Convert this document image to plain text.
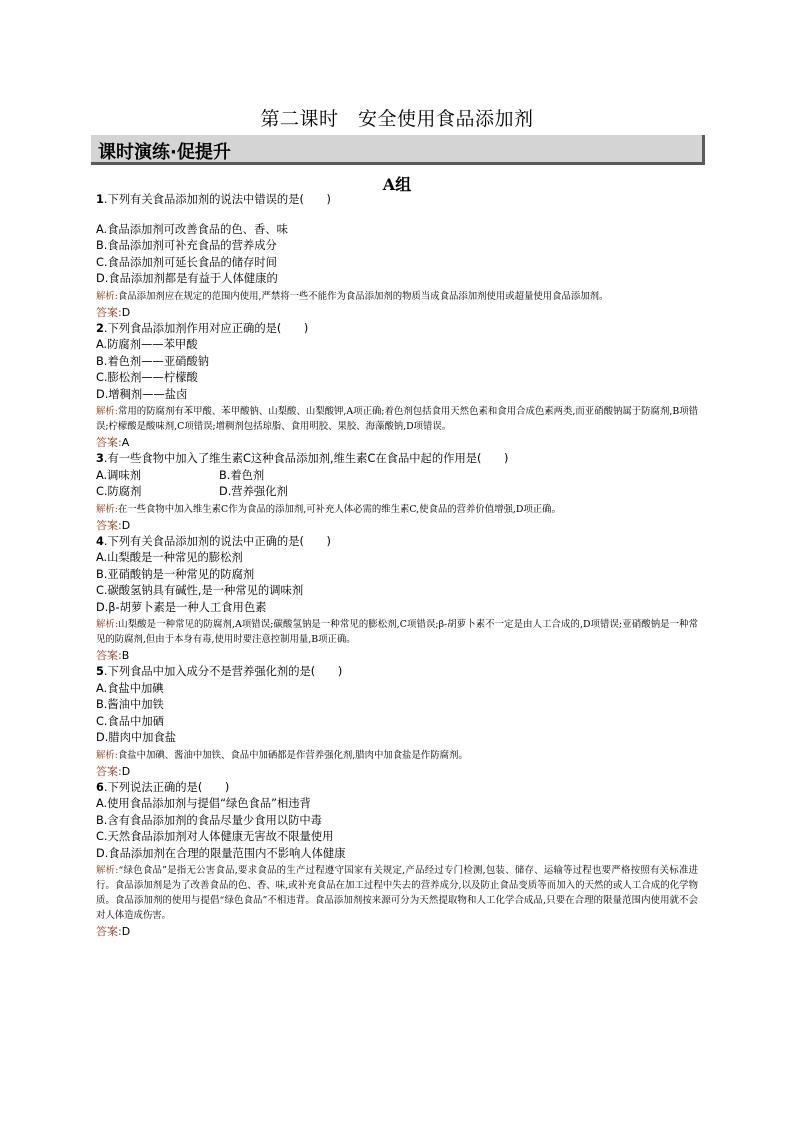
第二课时　安全使用食品添加剂
课时演练·促提升
A组
1.下列有关食品添加剂的说法中错误的是(　　)
A.食品添加剂可改善食品的色、香、味
B.食品添加剂可补充食品的营养成分
C.食品添加剂可延长食品的储存时间
D.食品添加剂都是有益于人体健康的
解析:食品添加剂应在规定的范围内使用,严禁将一些不能作为食品添加剂的物质当成食品添加剂使用或超量使用食品添加剂。
答案:D
2.下列食品添加剂作用对应正确的是(　　)
A.防腐剂——苯甲酸
B.着色剂——亚硝酸钠
C.膨松剂——柠檬酸
D.增稠剂——盐卤
解析:常用的防腐剂有苯甲酸、苯甲酸钠、山梨酸、山梨酸钾,A项正确;着色剂包括食用天然色素和食用合成色素两类,而亚硝酸钠属于防腐剂,B项错误;柠檬酸是酸味剂,C项错误;增稠剂包括琼脂、食用明胶、果胶、海藻酸钠,D项错误。
答案:A
3.有一些食物中加入了维生素C这种食品添加剂,维生素C在食品中起的作用是(　　)
A.调味剂	B.着色剂
C.防腐剂	D.营养强化剂
解析:在一些食物中加入维生素C作为食品的添加剂,可补充人体必需的维生素C,使食品的营养价值增强,D项正确。
答案:D
4.下列有关食品添加剂的说法中正确的是(　　)
A.山梨酸是一种常见的膨松剂
B.亚硝酸钠是一种常见的防腐剂
C.碳酸氢钠具有碱性,是一种常见的调味剂
D.β-胡萝卜素是一种人工食用色素
解析:山梨酸是一种常见的防腐剂,A项错误;碳酸氢钠是一种常见的膨松剂,C项错误;β-胡萝卜素不一定是由人工合成的,D项错误;亚硝酸钠是一种常见的防腐剂,但由于本身有毒,使用时要注意控制用量,B项正确。
答案:B
5.下列食品中加入成分不是营养强化剂的是(　　)
A.食盐中加碘
B.酱油中加铁
C.食品中加硒
D.腊肉中加食盐
解析:食盐中加碘、酱油中加铁、食品中加硒都是作营养强化剂,腊肉中加食盐是作防腐剂。
答案:D
6.下列说法正确的是(　　)
A.使用食品添加剂与提倡“绿色食品”相违背
B.含有食品添加剂的食品尽量少食用以防中毒
C.天然食品添加剂对人体健康无害故不限量使用
D.食品添加剂在合理的限量范围内不影响人体健康
解析:“绿色食品”是指无公害食品,要求食品的生产过程遵守国家有关规定,产品经过专门检测,包装、储存、运输等过程也要严格按照有关标准进行。食品添加剂是为了改善食品的色、香、味,或补充食品在加工过程中失去的营养成分,以及防止食品变质等而加入的天然的或人工合成的化学物质。食品添加剂的使用与提倡“绿色食品”不相违背。食品添加剂按来源可分为天然提取物和人工化学合成品,只要在合理的限量范围内使用就不会对人体造成伤害。
答案:D
